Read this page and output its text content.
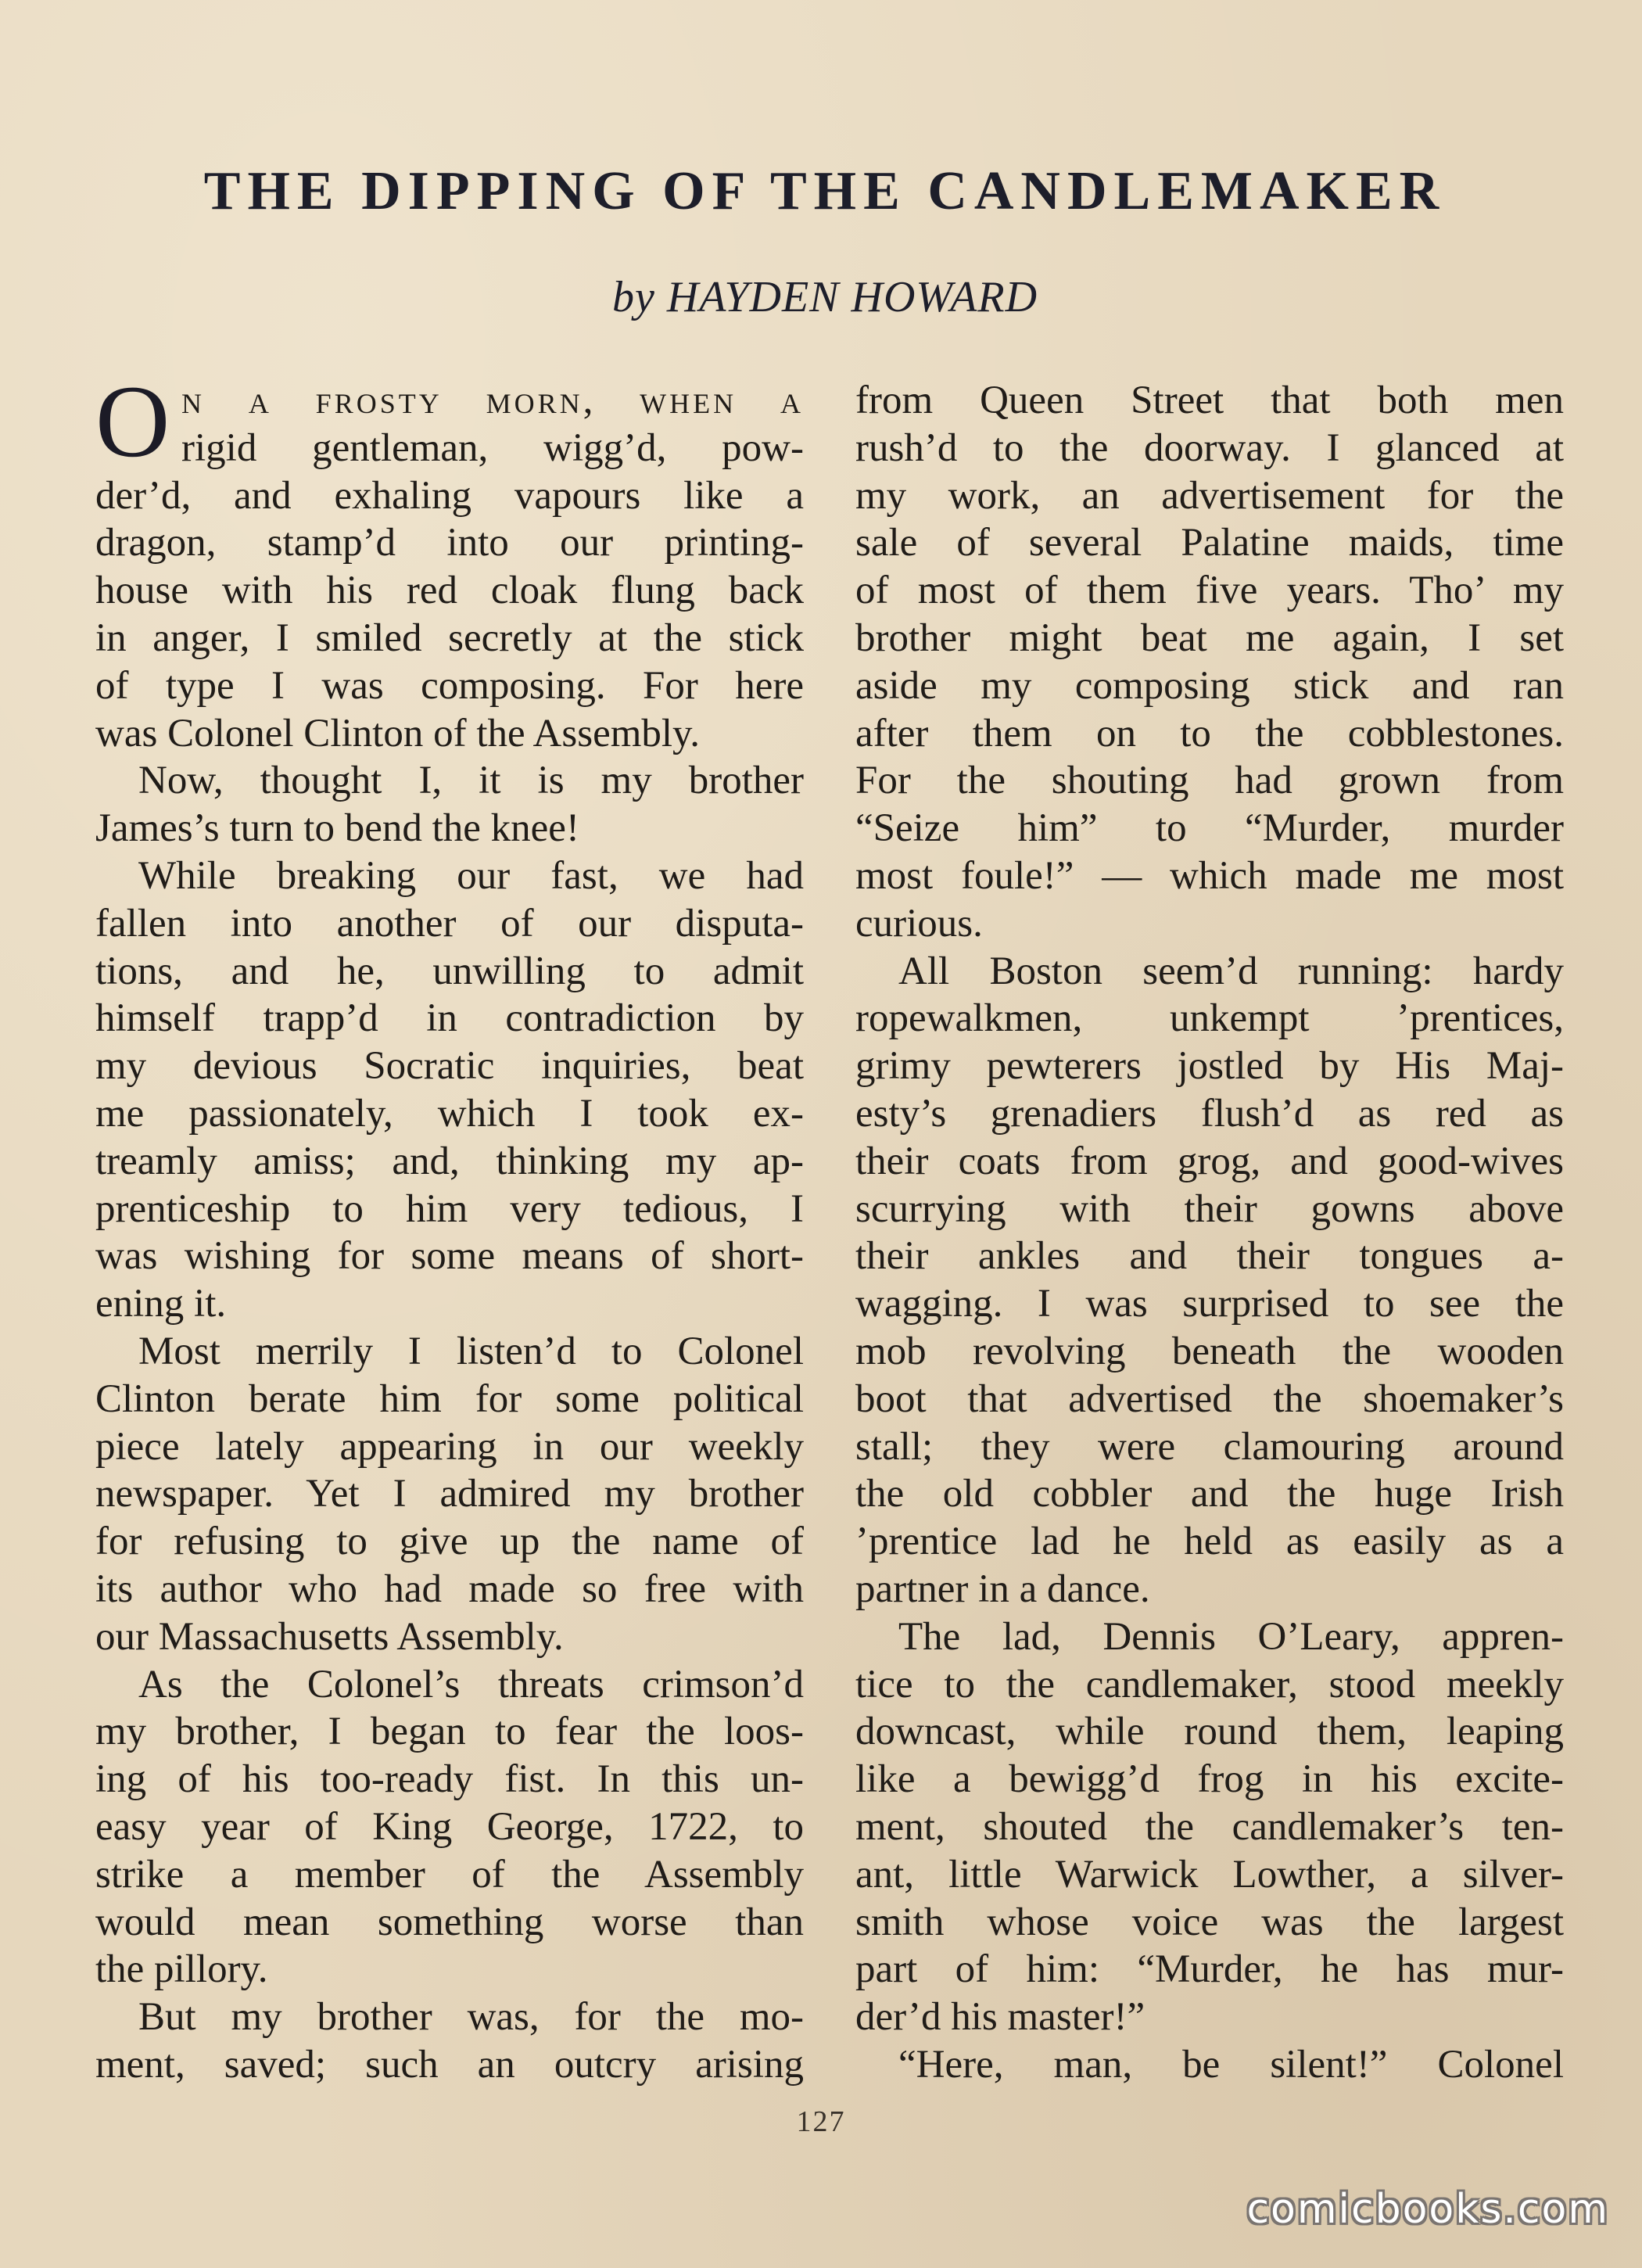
THE DIPPING OF THE CANDLEMAKER
by HAYDEN HOWARD
O n a frosty morn, when a

rigid gentleman, wigg’d, pow-

der’d, and exhaling vapours like a

dragon, stamp’d into our printing-

house with his red cloak flung back

in anger, I smiled secretly at the stick

of type I was composing. For here

was Colonel Clinton of the Assembly.

Now, thought I, it is my brother

James’s turn to bend the knee!

While breaking our fast, we had

fallen into another of our disputa-

tions, and he, unwilling to admit

himself trapp’d in contradiction by

my devious Socratic inquiries, beat

me passionately, which I took ex-

treamly amiss; and, thinking my ap-

prenticeship to him very tedious, I

was wishing for some means of short-

ening it.

Most merrily I listen’d to Colonel

Clinton berate him for some political

piece lately appearing in our weekly

newspaper. Yet I admired my brother

for refusing to give up the name of

its author who had made so free with

our Massachusetts Assembly.

As the Colonel’s threats crimson’d

my brother, I began to fear the loos-

ing of his too-ready fist. In this un-

easy year of King George, 1722, to

strike a member of the Assembly

would mean something worse than

the pillory.

But my brother was, for the mo-

ment, saved; such an outcry arising

from Queen Street that both men

rush’d to the doorway. I glanced at

my work, an advertisement for the

sale of several Palatine maids, time

of most of them five years. Tho’ my

brother might beat me again, I set

aside my composing stick and ran

after them on to the cobblestones.

For the shouting had grown from

“Seize him” to “Murder, murder

most foule!” — which made me most

curious.

All Boston seem’d running: hardy

ropewalkmen, unkempt ’prentices,

grimy pewterers jostled by His Maj-

esty’s grenadiers flush’d as red as

their coats from grog, and good-wives

scurrying with their gowns above

their ankles and their tongues a-

wagging. I was surprised to see the

mob revolving beneath the wooden

boot that advertised the shoemaker’s

stall; they were clamouring around

the old cobbler and the huge Irish

’prentice lad he held as easily as a

partner in a dance.

The lad, Dennis O’Leary, appren-

tice to the candlemaker, stood meekly

downcast, while round them, leaping

like a bewigg’d frog in his excite-

ment, shouted the candlemaker’s ten-

ant, little Warwick Lowther, a silver-

smith whose voice was the largest

part of him: “Murder, he has mur-

der’d his master!”

“Here, man, be silent!” Colonel

127
comicbooks.com
